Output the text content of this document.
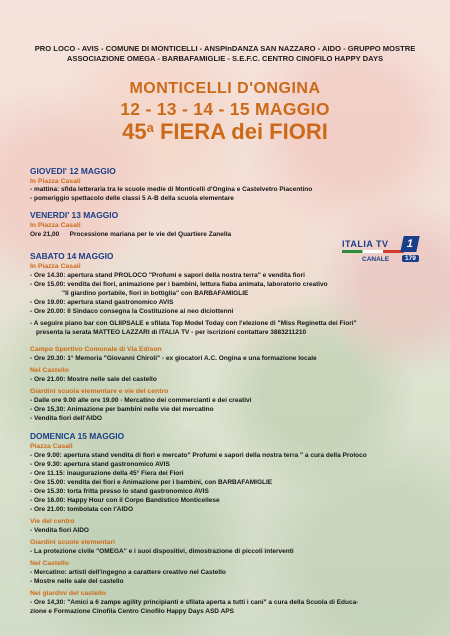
PRO LOCO - AVIS - COMUNE DI MONTICELLI - ANSPInDANZA SAN NAZZARO - AIDO - GRUPPO MOSTRE
ASSOCIAZIONE OMEGA - BARBAFAMIGLIE - S.E.F.C. CENTRO CINOFILO HAPPY DAYS
MONTICELLI D'ONGINA
12 - 13 - 14 - 15 MAGGIO
45$^a$ FIERA dei FIORI
GIOVEDI' 12 MAGGIO
In Piazza Casali
- mattina: sfida letteraria tra le scuole medie di Monticelli d'Ongina e Castelvetro Piacentino
- pomeriggio spettacolo delle classi 5 A-B della scuola elementare
VENERDI' 13 MAGGIO
In Piazza Casali
Ore 21,00 Processione mariana per le vie del Quartiere Zanella
ITALIA TV	1
CANALE	179
SABATO 14 MAGGIO
In Piazza Casali
- Ore 14.30: apertura stand PROLOCO "Profumi e sapori della nostra terra" e vendita fiori
- Ore 15.00: vendita dei fiori, animazione per i bambini, lettura fiaba animata, laboratorio creativo
"Il giardino portabile, fiori in bottiglia" con BARBAFAMIGLIE
- Ore 19.00: apertura stand gastronomico AVIS
- Ore 20.00: Il Sindaco consegna la Costituzione ai neo diciottenni
- A seguire piano bar con GLIIPSALE e sfilata Top Model Today con l'elezione di "Miss Reginetta dei Fiori"
presenta la serata MATTEO LAZZARI di ITALIA TV - per iscrizioni contattare 3883211210
Campo Sportivo Comunale di Via Edison
- Ore 20.30: 1° Memoria "Giovanni Chiroli" - ex giocatori A.C. Ongina e una formazione locale
Nel Castello
- Ore 21.00: Mostre nelle sale del castello
Giardini scuola elementare e vie del centro
- Dalle ore 9.00 alle ore 19.00 - Mercatino dei commercianti e dei creativi
- Ore 15,30: Animazione per bambini nelle vie del mercatino
- Vendita fiori dell'AIDO
DOMENICA 15 MAGGIO
Piazza Casali
- Ore 9.00: apertura stand vendita di fiori e mercato" Profumi e sapori della nostra terra " a cura della Proloco
- Ore 9.30: apertura stand gastronomico AVIS
- Ore 11.15: inaugurazione della 45° Fiera dei Fiori
- Ore 15.00: vendita dei fiori e Animazione per i bambini, con BARBAFAMIGLIE
- Ore 15.30: torta fritta presso lo stand gastronomico AVIS
- Ore 16.00: Happy Hour con il Corpo Bandistico Monticellese
- Ore 21.00: tombolata con l'AIDO
Vie del centro
- Vendita fiori AIDO
Giardini scuole elementari
- La protezione civile "OMEGA" e i suoi dispositivi, dimostrazione di piccoli interventi
Nel Castello
- Mercatino: artisti dell'ingegno a carattere creativo nel Castello
- Mostre nelle sale del castello
Nei giardini del castello
- Ore 14,30: "Amici a 6 zampe agility principianti e sfilata aperta a tutti i cani" a cura della Scuola di Educa-
zione e Formazione Cinofila Centro Cinofilo Happy Days ASD APS
